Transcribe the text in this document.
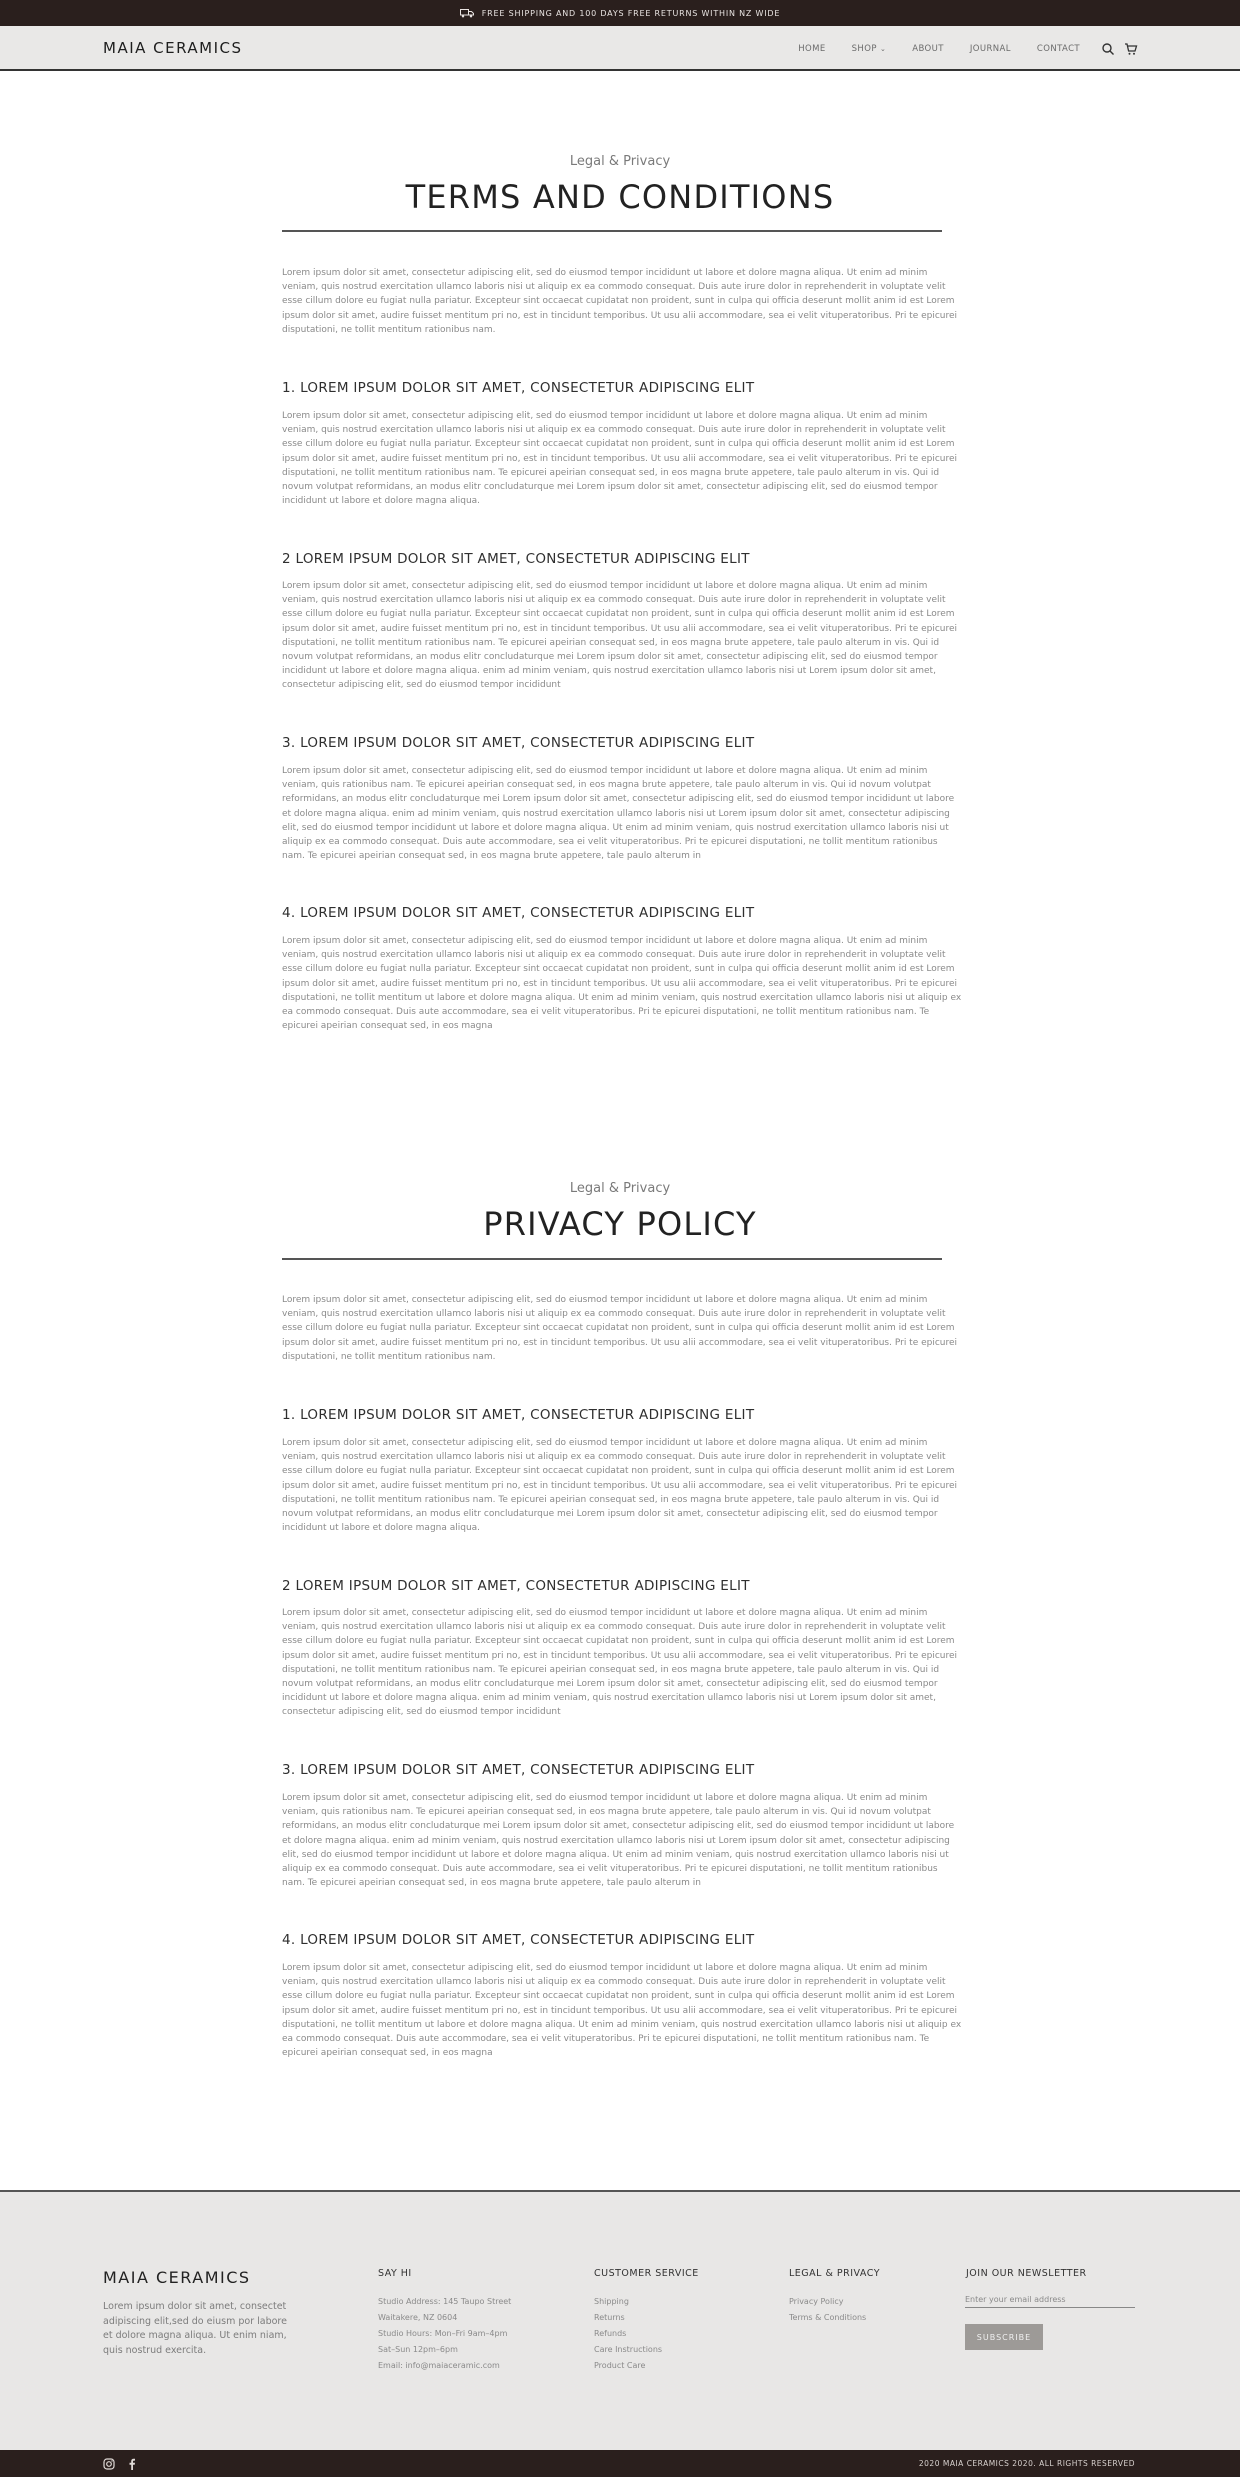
FREE SHIPPING AND 100 DAYS FREE RETURNS WITHIN NZ WIDE
MAIA CERAMICS	HOME	SHOP ⌄	ABOUT	JOURNAL	CONTACT
Legal & Privacy
TERMS AND CONDITIONS

Lorem ipsum dolor sit amet, consectetur adipiscing elit, sed do eiusmod tempor incididunt ut labore et dolore magna aliqua. Ut enim ad minim veniam, quis nostrud exercitation ullamco laboris nisi ut aliquip ex ea commodo consequat. Duis aute irure dolor in reprehenderit in voluptate velit esse cillum dolore eu fugiat nulla pariatur. Excepteur sint occaecat cupidatat non proident, sunt in culpa qui officia deserunt mollit anim id est Lorem ipsum dolor sit amet, audire fuisset mentitum pri no, est in tincidunt temporibus. Ut usu alii accommodare, sea ei velit vituperatoribus. Pri te epicurei disputationi, ne tollit mentitum rationibus nam.

1. LOREM IPSUM DOLOR SIT AMET, CONSECTETUR ADIPISCING ELIT

Lorem ipsum dolor sit amet, consectetur adipiscing elit, sed do eiusmod tempor incididunt ut labore et dolore magna aliqua. Ut enim ad minim veniam, quis nostrud exercitation ullamco laboris nisi ut aliquip ex ea commodo consequat. Duis aute irure dolor in reprehenderit in voluptate velit esse cillum dolore eu fugiat nulla pariatur. Excepteur sint occaecat cupidatat non proident, sunt in culpa qui officia deserunt mollit anim id est Lorem ipsum dolor sit amet, audire fuisset mentitum pri no, est in tincidunt temporibus. Ut usu alii accommodare, sea ei velit vituperatoribus. Pri te epicurei disputationi, ne tollit mentitum rationibus nam. Te epicurei apeirian consequat sed, in eos magna brute appetere, tale paulo alterum in vis. Qui id novum volutpat reformidans, an modus elitr concludaturque mei Lorem ipsum dolor sit amet, consectetur adipiscing elit, sed do eiusmod tempor incididunt ut labore et dolore magna aliqua.

2 LOREM IPSUM DOLOR SIT AMET, CONSECTETUR ADIPISCING ELIT

Lorem ipsum dolor sit amet, consectetur adipiscing elit, sed do eiusmod tempor incididunt ut labore et dolore magna aliqua. Ut enim ad minim veniam, quis nostrud exercitation ullamco laboris nisi ut aliquip ex ea commodo consequat. Duis aute irure dolor in reprehenderit in voluptate velit esse cillum dolore eu fugiat nulla pariatur. Excepteur sint occaecat cupidatat non proident, sunt in culpa qui officia deserunt mollit anim id est Lorem ipsum dolor sit amet, audire fuisset mentitum pri no, est in tincidunt temporibus. Ut usu alii accommodare, sea ei velit vituperatoribus. Pri te epicurei disputationi, ne tollit mentitum rationibus nam. Te epicurei apeirian consequat sed, in eos magna brute appetere, tale paulo alterum in vis. Qui id novum volutpat reformidans, an modus elitr concludaturque mei Lorem ipsum dolor sit amet, consectetur adipiscing elit, sed do eiusmod tempor incididunt ut labore et dolore magna aliqua. enim ad minim veniam, quis nostrud exercitation ullamco laboris nisi ut Lorem ipsum dolor sit amet, consectetur adipiscing elit, sed do eiusmod tempor incididunt

3. LOREM IPSUM DOLOR SIT AMET, CONSECTETUR ADIPISCING ELIT

Lorem ipsum dolor sit amet, consectetur adipiscing elit, sed do eiusmod tempor incididunt ut labore et dolore magna aliqua. Ut enim ad minim veniam, quis rationibus nam. Te epicurei apeirian consequat sed, in eos magna brute appetere, tale paulo alterum in vis. Qui id novum volutpat reformidans, an modus elitr concludaturque mei Lorem ipsum dolor sit amet, consectetur adipiscing elit, sed do eiusmod tempor incididunt ut labore et dolore magna aliqua. enim ad minim veniam, quis nostrud exercitation ullamco laboris nisi ut Lorem ipsum dolor sit amet, consectetur adipiscing elit, sed do eiusmod tempor incididunt ut labore et dolore magna aliqua. Ut enim ad minim veniam, quis nostrud exercitation ullamco laboris nisi ut aliquip ex ea commodo consequat. Duis aute accommodare, sea ei velit vituperatoribus. Pri te epicurei disputationi, ne tollit mentitum rationibus nam. Te epicurei apeirian consequat sed, in eos magna brute appetere, tale paulo alterum in

4. LOREM IPSUM DOLOR SIT AMET, CONSECTETUR ADIPISCING ELIT

Lorem ipsum dolor sit amet, consectetur adipiscing elit, sed do eiusmod tempor incididunt ut labore et dolore magna aliqua. Ut enim ad minim veniam, quis nostrud exercitation ullamco laboris nisi ut aliquip ex ea commodo consequat. Duis aute irure dolor in reprehenderit in voluptate velit esse cillum dolore eu fugiat nulla pariatur. Excepteur sint occaecat cupidatat non proident, sunt in culpa qui officia deserunt mollit anim id est Lorem ipsum dolor sit amet, audire fuisset mentitum pri no, est in tincidunt temporibus. Ut usu alii accommodare, sea ei velit vituperatoribus. Pri te epicurei disputationi, ne tollit mentitum ut labore et dolore magna aliqua. Ut enim ad minim veniam, quis nostrud exercitation ullamco laboris nisi ut aliquip ex ea commodo consequat. Duis aute accommodare, sea ei velit vituperatoribus. Pri te epicurei disputationi, ne tollit mentitum rationibus nam. Te epicurei apeirian consequat sed, in eos magna

Legal & Privacy
PRIVACY POLICY

Lorem ipsum dolor sit amet, consectetur adipiscing elit, sed do eiusmod tempor incididunt ut labore et dolore magna aliqua. Ut enim ad minim veniam, quis nostrud exercitation ullamco laboris nisi ut aliquip ex ea commodo consequat. Duis aute irure dolor in reprehenderit in voluptate velit esse cillum dolore eu fugiat nulla pariatur. Excepteur sint occaecat cupidatat non proident, sunt in culpa qui officia deserunt mollit anim id est Lorem ipsum dolor sit amet, audire fuisset mentitum pri no, est in tincidunt temporibus. Ut usu alii accommodare, sea ei velit vituperatoribus. Pri te epicurei disputationi, ne tollit mentitum rationibus nam.

1. LOREM IPSUM DOLOR SIT AMET, CONSECTETUR ADIPISCING ELIT

Lorem ipsum dolor sit amet, consectetur adipiscing elit, sed do eiusmod tempor incididunt ut labore et dolore magna aliqua. Ut enim ad minim veniam, quis nostrud exercitation ullamco laboris nisi ut aliquip ex ea commodo consequat. Duis aute irure dolor in reprehenderit in voluptate velit esse cillum dolore eu fugiat nulla pariatur. Excepteur sint occaecat cupidatat non proident, sunt in culpa qui officia deserunt mollit anim id est Lorem ipsum dolor sit amet, audire fuisset mentitum pri no, est in tincidunt temporibus. Ut usu alii accommodare, sea ei velit vituperatoribus. Pri te epicurei disputationi, ne tollit mentitum rationibus nam. Te epicurei apeirian consequat sed, in eos magna brute appetere, tale paulo alterum in vis. Qui id novum volutpat reformidans, an modus elitr concludaturque mei Lorem ipsum dolor sit amet, consectetur adipiscing elit, sed do eiusmod tempor incididunt ut labore et dolore magna aliqua.

2 LOREM IPSUM DOLOR SIT AMET, CONSECTETUR ADIPISCING ELIT

Lorem ipsum dolor sit amet, consectetur adipiscing elit, sed do eiusmod tempor incididunt ut labore et dolore magna aliqua. Ut enim ad minim veniam, quis nostrud exercitation ullamco laboris nisi ut aliquip ex ea commodo consequat. Duis aute irure dolor in reprehenderit in voluptate velit esse cillum dolore eu fugiat nulla pariatur. Excepteur sint occaecat cupidatat non proident, sunt in culpa qui officia deserunt mollit anim id est Lorem ipsum dolor sit amet, audire fuisset mentitum pri no, est in tincidunt temporibus. Ut usu alii accommodare, sea ei velit vituperatoribus. Pri te epicurei disputationi, ne tollit mentitum rationibus nam. Te epicurei apeirian consequat sed, in eos magna brute appetere, tale paulo alterum in vis. Qui id novum volutpat reformidans, an modus elitr concludaturque mei Lorem ipsum dolor sit amet, consectetur adipiscing elit, sed do eiusmod tempor incididunt ut labore et dolore magna aliqua. enim ad minim veniam, quis nostrud exercitation ullamco laboris nisi ut Lorem ipsum dolor sit amet, consectetur adipiscing elit, sed do eiusmod tempor incididunt

3. LOREM IPSUM DOLOR SIT AMET, CONSECTETUR ADIPISCING ELIT

Lorem ipsum dolor sit amet, consectetur adipiscing elit, sed do eiusmod tempor incididunt ut labore et dolore magna aliqua. Ut enim ad minim veniam, quis rationibus nam. Te epicurei apeirian consequat sed, in eos magna brute appetere, tale paulo alterum in vis. Qui id novum volutpat reformidans, an modus elitr concludaturque mei Lorem ipsum dolor sit amet, consectetur adipiscing elit, sed do eiusmod tempor incididunt ut labore et dolore magna aliqua. enim ad minim veniam, quis nostrud exercitation ullamco laboris nisi ut Lorem ipsum dolor sit amet, consectetur adipiscing elit, sed do eiusmod tempor incididunt ut labore et dolore magna aliqua. Ut enim ad minim veniam, quis nostrud exercitation ullamco laboris nisi ut aliquip ex ea commodo consequat. Duis aute accommodare, sea ei velit vituperatoribus. Pri te epicurei disputationi, ne tollit mentitum rationibus nam. Te epicurei apeirian consequat sed, in eos magna brute appetere, tale paulo alterum in

4. LOREM IPSUM DOLOR SIT AMET, CONSECTETUR ADIPISCING ELIT

Lorem ipsum dolor sit amet, consectetur adipiscing elit, sed do eiusmod tempor incididunt ut labore et dolore magna aliqua. Ut enim ad minim veniam, quis nostrud exercitation ullamco laboris nisi ut aliquip ex ea commodo consequat. Duis aute irure dolor in reprehenderit in voluptate velit esse cillum dolore eu fugiat nulla pariatur. Excepteur sint occaecat cupidatat non proident, sunt in culpa qui officia deserunt mollit anim id est Lorem ipsum dolor sit amet, audire fuisset mentitum pri no, est in tincidunt temporibus. Ut usu alii accommodare, sea ei velit vituperatoribus. Pri te epicurei disputationi, ne tollit mentitum ut labore et dolore magna aliqua. Ut enim ad minim veniam, quis nostrud exercitation ullamco laboris nisi ut aliquip ex ea commodo consequat. Duis aute accommodare, sea ei velit vituperatoribus. Pri te epicurei disputationi, ne tollit mentitum rationibus nam. Te epicurei apeirian consequat sed, in eos magna

MAIA CERAMICS
Lorem ipsum dolor sit amet, consectet adipiscing elit,sed do eiusm por labore et dolore magna aliqua. Ut enim niam, quis nostrud exercita.
SAY HI
Studio Address: 145 Taupo Street
Waitakere, NZ 0604
Studio Hours: Mon–Fri 9am–4pm
Sat–Sun 12pm–6pm
Email: info@maiaceramic.com
CUSTOMER SERVICE
Shipping
Returns
Refunds
Care Instructions
Product Care
LEGAL & PRIVACY
Privacy Policy
Terms & Conditions
JOIN OUR NEWSLETTER
Enter your email address
SUBSCRIBE
2020 MAIA CERAMICS 2020. ALL RIGHTS RESERVED
